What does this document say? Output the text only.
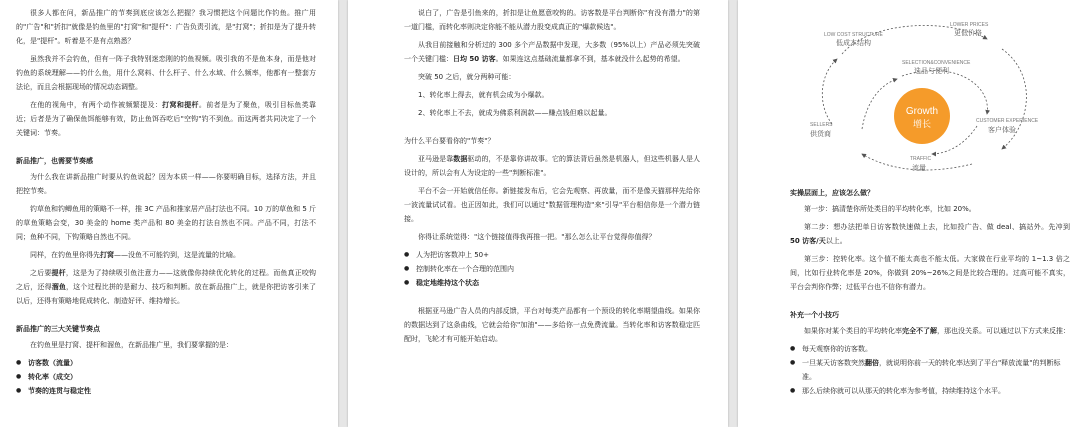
很多人都在问，新品推广的节奏到底应该怎么把握？我习惯把这个问题比作钓鱼。推广用的"广告"和"折扣"就像是钓鱼里的"打窝"和"提杆"：广告负责引流，是"打窝"；折扣是为了提升转化，是"提杆"。听着是不是有点熟悉？

虽然我并不会钓鱼，但有一阵子我特别迷恋刚的钓鱼视频。吸引我的不是鱼本身，而是他对钓鱼的系统理解——钓什么鱼，用什么窝料、什么杆子、什么水域、什么频率，他都有一整套方法论，而且会根据现场的情况动态调整。

在他的视角中，有两个动作被频繁提及：打窝和提杆。前者是为了聚鱼，吸引目标鱼类靠近；后者是为了确保鱼饵能够有效，防止鱼饵吞吃后"空钩"钓不到鱼。而这两者共同决定了一个关键词：节奏。

新品推广，也需要节奏感

为什么我在讲新品推广时要从钓鱼说起？因为本质一样——你要明确目标，选择方法，并且把控节奏。

钓草鱼和钓鲫鱼用的策略不一样，推 3C 产品和推家居产品打法也不同。10 万的草鱼和 5 斤的草鱼策略会变，30 美金的 home 类产品和 80 美金的打法自然也不同。产品不同，打法不同；鱼种不同，下钩策略自然也不同。

同样，在钓鱼里你得先打窝——没鱼不可能钓到，这是流量的比喻。

之后要提杆，这是为了持续吸引鱼注意力——这就像你持续优化转化的过程。而鱼真正咬钩之后，还得溜鱼，这个过程比拼的是耐力、技巧和判断。放在新品推广上，就是你把访客引来了以后，还得有策略地促成转化、制造好评、维持增长。

新品推广的三大关键节奏点

在钓鱼里是打窝、提杆和溜鱼，在新品推广里，我们要掌握的是：

● 访客数（流量）
● 转化率（成交）
● 节奏的连贯与稳定性

说白了，广告是引鱼来的，折扣是让鱼愿意咬钩的。访客数是平台判断你"有没有潜力"的第一道门槛，而转化率则决定你能不能从潜力股变成真正的"爆款候选"。

从我目前接触和分析过的 300 多个产品数据中发现，大多数（95%以上）产品必须先突破一个关键门槛：日均 50 访客。如果连这点基础流量都拿不到，基本就没什么起势的希望。

突破 50 之后，就分两种可能：

1、转化率上得去，就有机会成为小爆款。

2、转化率上不去，就成为佛系利润款——赚点钱但难以起量。

为什么平台要看你的"节奏"？

亚马逊是靠数据驱动的，不是靠你讲故事。它的算法背后虽然是机器人，但这些机器人是人设计的，所以会有人为设定的一些"判断标准"。

平台不会一开始就信任你。新链接发布后，它会先观察、再放量，而不是像天猫那样先给你一波流量试试看。也正因如此，我们可以通过"数据管理构造"来"引导"平台相信你是一个潜力链接。

你得让系统觉得："这个链接值得我再推一把。"那么怎么让平台觉得你值得？

● 人为把访客数冲上 50+
● 控制转化率在一个合理的范围内
● 稳定地维持这个状态

根据亚马逊广告人员的内部反馈，平台对每类产品都有一个预设的转化率期望曲线。如果你的数据达到了这条曲线，它就会给你"加油"——多给你一点免费流量。当转化率和访客数稳定匹配时，飞轮才有可能开始启动。

Growth
增长
LOW COST STRUCTURE
低成本结构
LOWER PRICES
更低价格
SELECTION&CONVENIENCE
选品与便利
SELLERS
供货商
CUSTOMER EXPERIENCE
客户体验
TRAFFIC
流量
实操层面上，应该怎么做？

第一步：搞清楚你所处类目的平均转化率，比如 20%。

第二步：想办法把单日访客数快速做上去，比如投广告、做 deal、搞站外。先冲到 50 访客/天以上。

第三步：控转化率。这个值不能太高也不能太低。大家做在行业平均的 1~1.3 倍之间，比如行业转化率是 20%，你做到 20%~26%之间是比较合理的。过高可能不真实，平台会判你作弊；过低平台也不信你有潜力。

补充一个小技巧

如果你对某个类目的平均转化率完全不了解，那也没关系。可以通过以下方式来反推：

● 每天观察你的访客数。
● 一旦某天访客数突然翻倍，就说明你前一天的转化率达到了平台"释放流量"的判断标准。
● 那么后续你就可以从那天的转化率为参考值，持续维持这个水平。
